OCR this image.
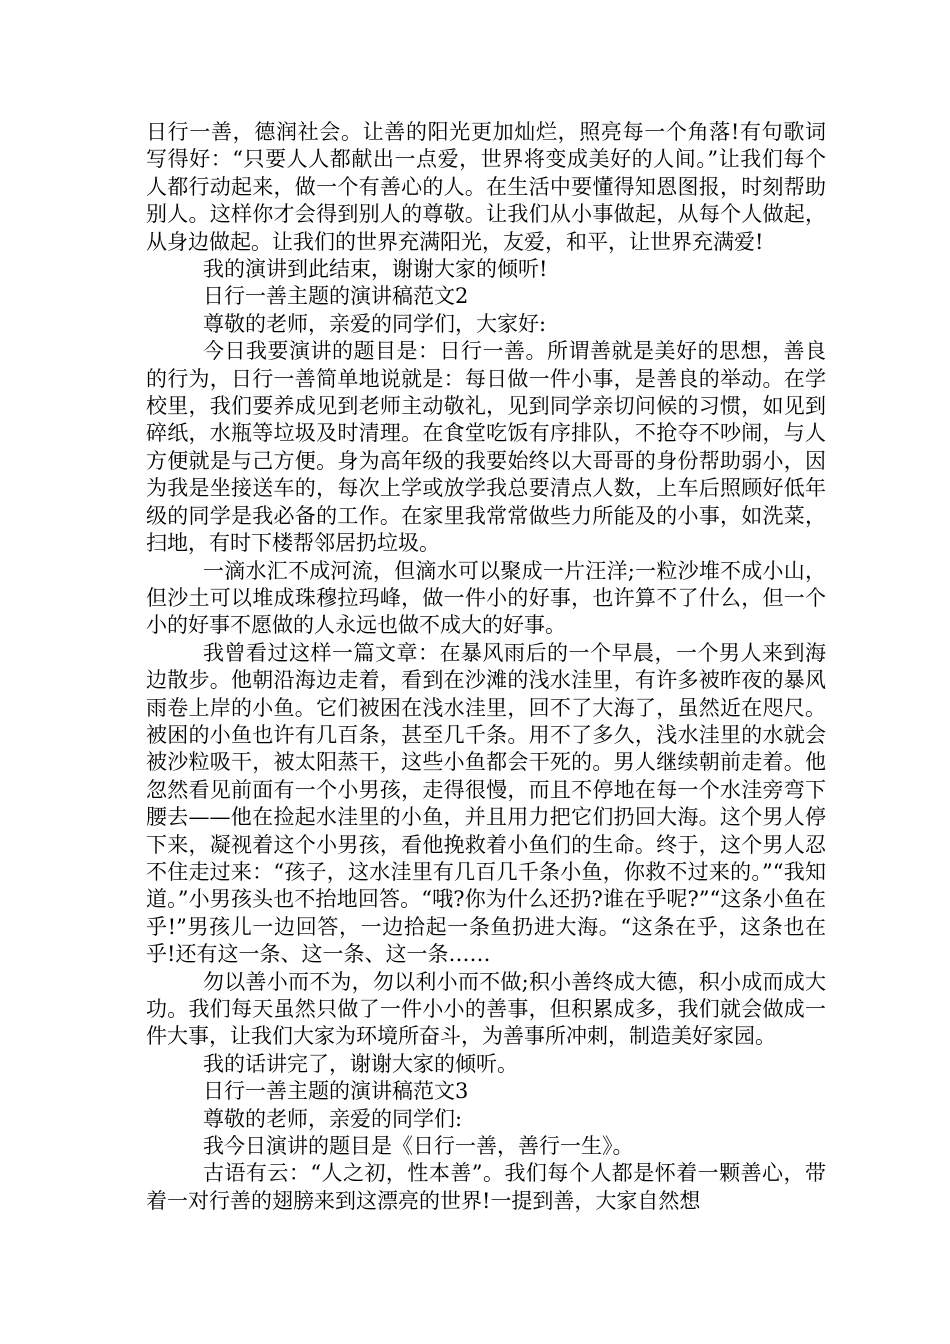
日行一善，德润社会。让善的阳光更加灿烂，照亮每一个角落!有句歌词写得好：“只要人人都献出一点爱，世界将变成美好的人间。”让我们每个人都行动起来，做一个有善心的人。在生活中要懂得知恩图报，时刻帮助别人。这样你才会得到别人的尊敬。让我们从小事做起，从每个人做起，从身边做起。让我们的世界充满阳光，友爱，和平，让世界充满爱!

我的演讲到此结束，谢谢大家的倾听!

日行一善主题的演讲稿范文2

尊敬的老师，亲爱的同学们，大家好:

今日我要演讲的题目是：日行一善。所谓善就是美好的思想，善良的行为，日行一善简单地说就是：每日做一件小事，是善良的举动。在学校里，我们要养成见到老师主动敬礼，见到同学亲切问候的习惯，如见到碎纸，水瓶等垃圾及时清理。在食堂吃饭有序排队，不抢夺不吵闹，与人方便就是与己方便。身为高年级的我要始终以大哥哥的身份帮助弱小，因为我是坐接送车的，每次上学或放学我总要清点人数，上车后照顾好低年级的同学是我必备的工作。在家里我常常做些力所能及的小事，如洗菜，扫地，有时下楼帮邻居扔垃圾。

一滴水汇不成河流，但滴水可以聚成一片汪洋;一粒沙堆不成小山，但沙土可以堆成珠穆拉玛峰，做一件小的好事，也许算不了什么，但一个小的好事不愿做的人永远也做不成大的好事。

我曾看过这样一篇文章：在暴风雨后的一个早晨，一个男人来到海边散步。他朝沿海边走着，看到在沙滩的浅水洼里，有许多被昨夜的暴风雨卷上岸的小鱼。它们被困在浅水洼里，回不了大海了，虽然近在咫尺。被困的小鱼也许有几百条，甚至几千条。用不了多久，浅水洼里的水就会被沙粒吸干，被太阳蒸干，这些小鱼都会干死的。男人继续朝前走着。他忽然看见前面有一个小男孩，走得很慢，而且不停地在每一个水洼旁弯下腰去——他在捡起水洼里的小鱼，并且用力把它们扔回大海。这个男人停下来，凝视着这个小男孩，看他挽救着小鱼们的生命。终于，这个男人忍不住走过来：“孩子，这水洼里有几百几千条小鱼，你救不过来的。”“我知道。”小男孩头也不抬地回答。“哦?你为什么还扔?谁在乎呢?”“这条小鱼在乎!”男孩儿一边回答，一边拾起一条鱼扔进大海。“这条在乎，这条也在乎!还有这一条、这一条、这一条……

勿以善小而不为，勿以利小而不做;积小善终成大德，积小成而成大功。我们每天虽然只做了一件小小的善事，但积累成多，我们就会做成一件大事，让我们大家为环境所奋斗，为善事所冲刺，制造美好家园。

我的话讲完了，谢谢大家的倾听。

日行一善主题的演讲稿范文3

尊敬的老师，亲爱的同学们:

我今日演讲的题目是《日行一善，善行一生》。

古语有云：“人之初，性本善”。我们每个人都是怀着一颗善心，带着一对行善的翅膀来到这漂亮的世界!一提到善，大家自然想
